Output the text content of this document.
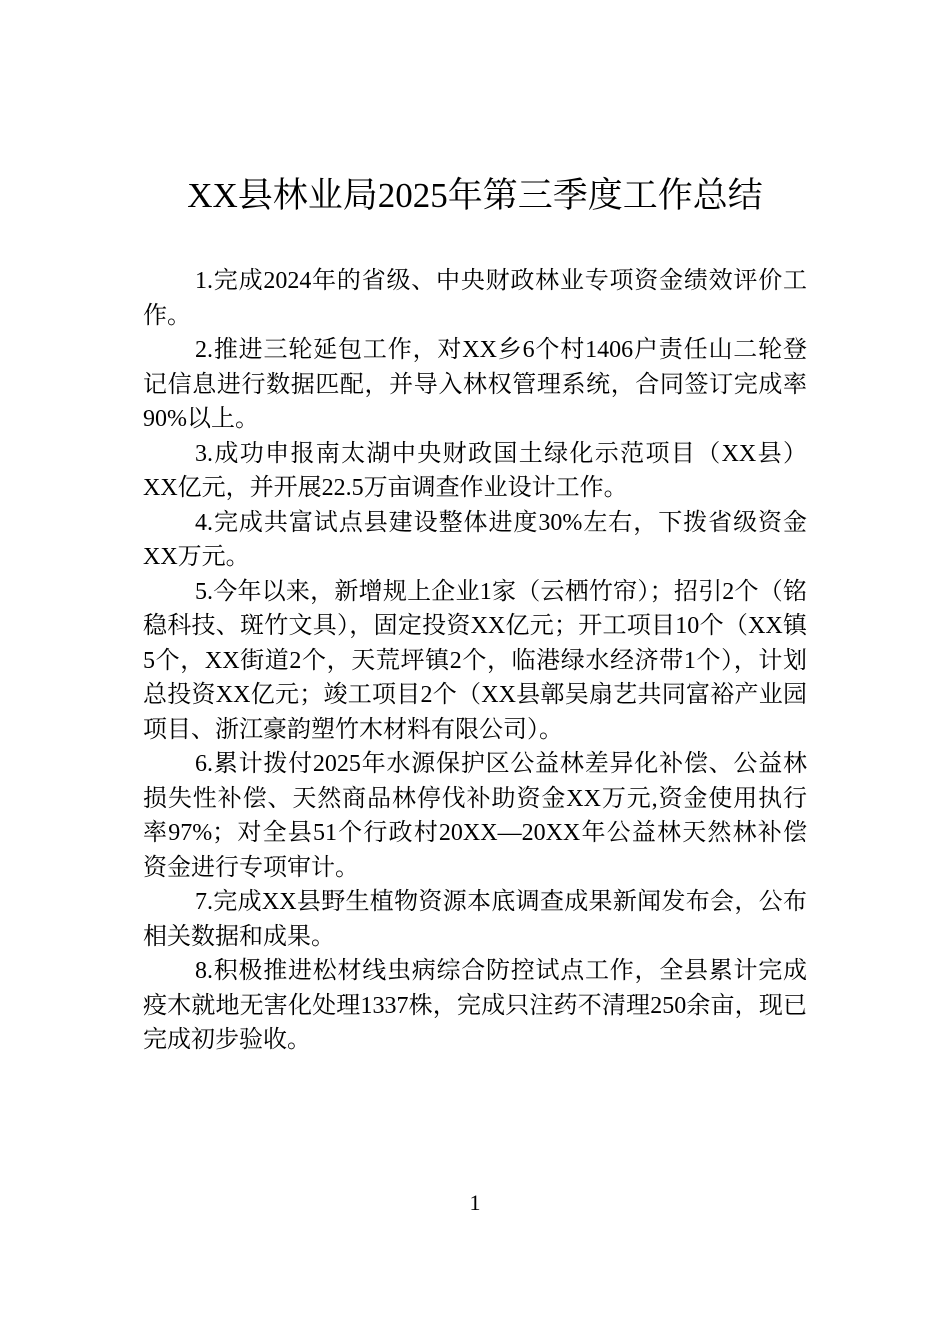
XX县林业局2025年第三季度工作总结

1.完成2024年的省级、中央财政林业专项资金绩效评价工作。

2.推进三轮延包工作，对XX乡6个村1406户责任山二轮登记信息进行数据匹配，并导入林权管理系统，合同签订完成率90%以上。

3.成功申报南太湖中央财政国土绿化示范项目（XX县）XX亿元，并开展22.5万亩调查作业设计工作。

4.完成共富试点县建设整体进度30%左右，下拨省级资金XX万元。

5.今年以来，新增规上企业1家（云栖竹帘）；招引2个（铭稳科技、斑竹文具），固定投资XX亿元；开工项目10个（XX镇5个，XX街道2个，天荒坪镇2个，临港绿水经济带1个），计划总投资XX亿元；竣工项目2个（XX县鄣吴扇艺共同富裕产业园项目、浙江豪韵塑竹木材料有限公司）。

6.累计拨付2025年水源保护区公益林差异化补偿、公益林损失性补偿、天然商品林停伐补助资金XX万元,资金使用执行率97%；对全县51个行政村20XX—20XX年公益林天然林补偿资金进行专项审计。

7.完成XX县野生植物资源本底调查成果新闻发布会，公布相关数据和成果。

8.积极推进松材线虫病综合防控试点工作，全县累计完成疫木就地无害化处理1337株，完成只注药不清理250余亩，现已完成初步验收。

1
